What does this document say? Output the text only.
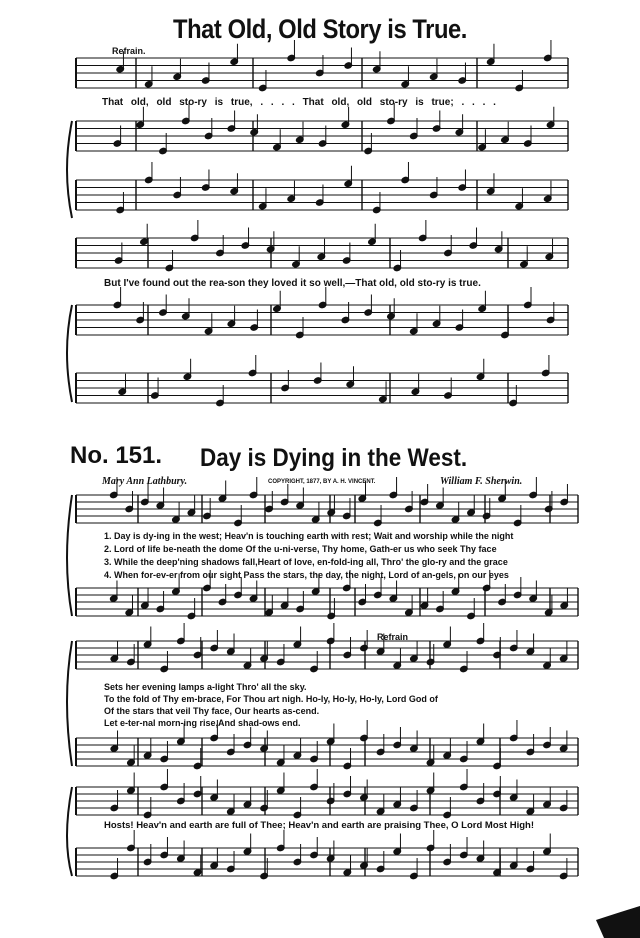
That Old, Old Story is True.
Refrain.
That old, old sto-ry is true, . . . . That old, old sto-ry is true; . . . .
But I've found out the rea-son they loved it so well,—That old, old sto-ry is true.
No. 151. Day is Dying in the West.
Mary Ann Lathbury.	COPYRIGHT, 1877, BY A. H. VINCENT.	William F. Sherwin.
1. Day is dy-ing in the west; Heav'n is touching earth with rest; Wait and worship while the night
2. Lord of life be-neath the dome Of the u-ni-verse, Thy home, Gath-er us who seek Thy face
3. While the deep'ning shadows fall,Heart of love, en-fold-ing all, Thro' the glo-ry and the grace
4. When for-ev-er from our sight Pass the stars, the day, the night, Lord of an-gels, on our eyes
Refrain
Sets her evening lamps a-light Thro' all the sky.
To the fold of Thy em-brace, For Thou art nigh. Ho-ly, Ho-ly, Ho-ly, Lord God of
Of the stars that veil Thy face, Our hearts as-cend.
Let e-ter-nal morn-ing rise,And shad-ows end.
Hosts! Heav'n and earth are full of Thee; Heav'n and earth are praising Thee, O Lord Most High!
